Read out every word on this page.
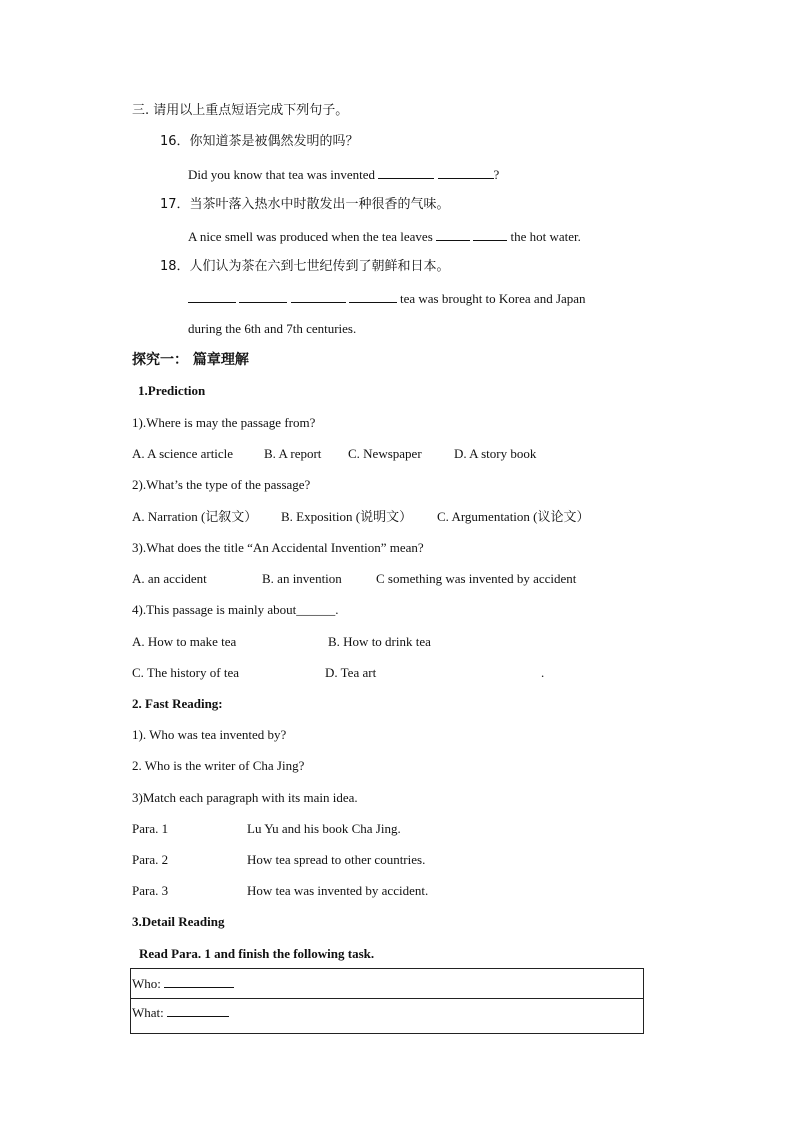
三. 请用以上重点短语完成下列句子。
16．你知道茶是被偶然发明的吗？
Did you know that tea was invented	?
17．当茶叶落入热水中时散发出一种很香的气味。
A nice smell was produced when the tea leaves	the hot water.
18．人们认为茶在六到七世纪传到了朝鲜和日本。
tea was brought to Korea and Japan
during the 6th and 7th centuries.
探究一： 篇章理解
1.Prediction
1).Where is may the passage from?
A. A science article B. A report C. Newspaper D. A story book
2).What’s the type of the passage?
A. Narration (记叙文） B. Exposition (说明文） C. Argumentation (议论文）
3).What does the title “An Accidental Invention” mean?
A. an accident	B. an invention	C something was invented by accident
4).This passage is mainly about______.
A. How to make tea	B. How to drink tea
C. The history of tea	D. Tea art	.
2. Fast Reading:
1). Who was tea invented by?
2. Who is the writer of Cha Jing?
3)Match each paragraph with its main idea.
Para. 1	Lu Yu and his book Cha Jing.
Para. 2	How tea spread to other countries.
Para. 3	How tea was invented by accident.
3.Detail Reading
Read Para. 1 and finish the following task.
Who:
What:
